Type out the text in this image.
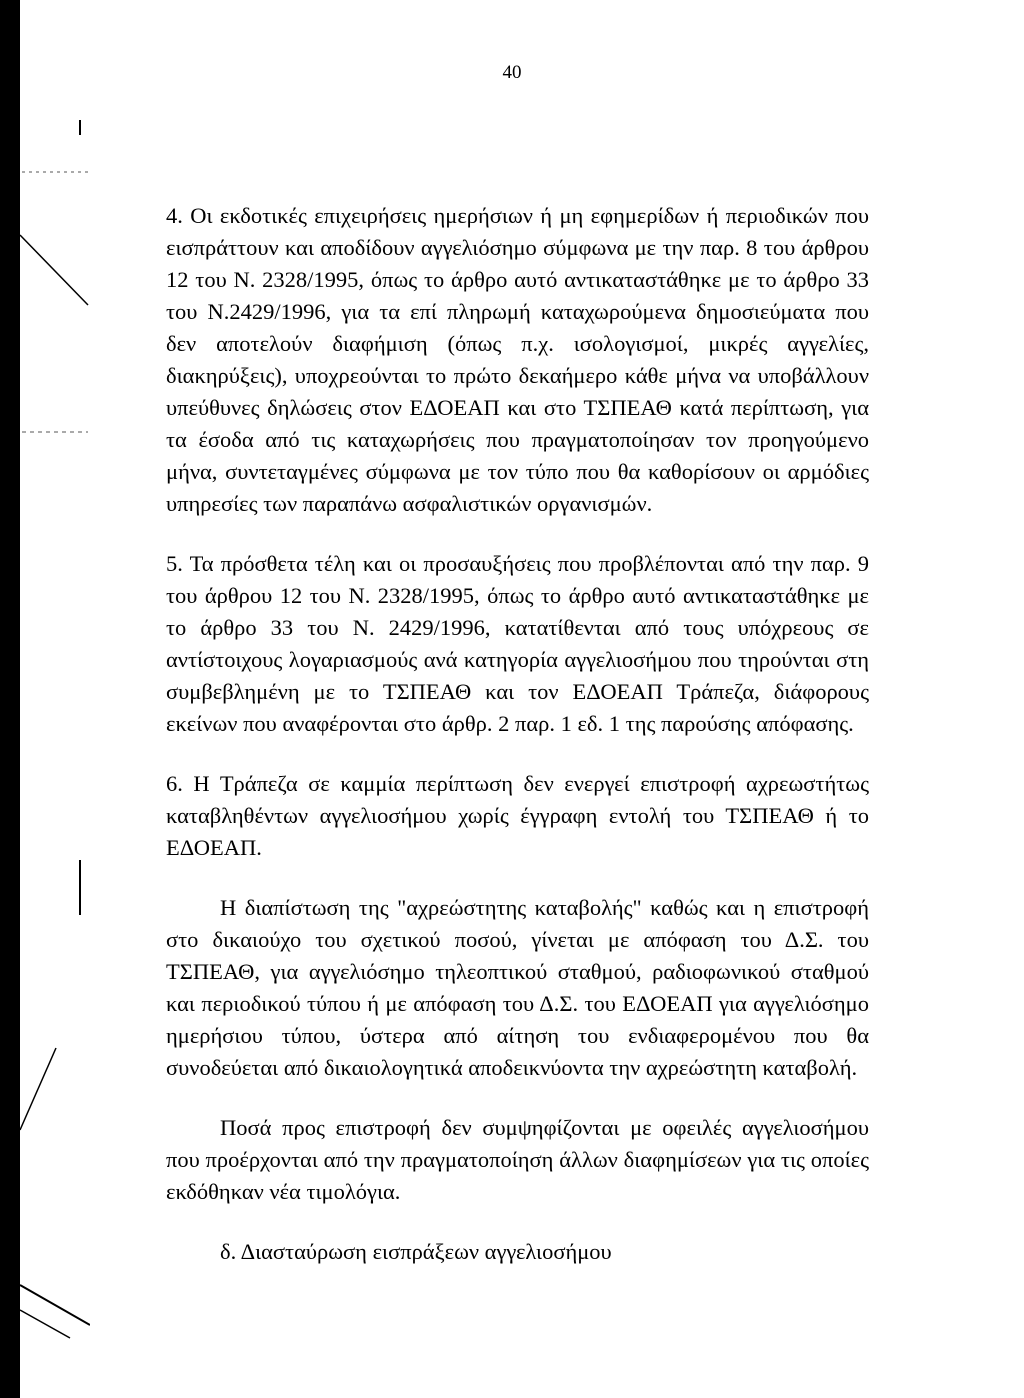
40

4. Οι εκδοτικές επιχειρήσεις ημερήσιων ή μη εφημερίδων ή περιοδικών που εισπράττουν και αποδίδουν αγγελιόσημο σύμφωνα με την παρ. 8 του άρθρου 12 του Ν. 2328/1995, όπως το άρθρο αυτό αντικαταστάθηκε με το άρθρο 33 του Ν.2429/1996, για τα επί πληρωμή καταχωρούμενα δημοσιεύματα που δεν αποτελούν διαφήμιση (όπως π.χ. ισολογισμοί, μικρές αγγελίες, διακηρύξεις), υποχρεούνται το πρώτο δεκαήμερο κάθε μήνα να υποβάλλουν υπεύθυνες δηλώσεις στον ΕΔΟΕΑΠ και στο ΤΣΠΕΑΘ κατά περίπτωση, για τα έσοδα από τις καταχωρήσεις που πραγματοποίησαν τον προηγούμενο μήνα, συντεταγμένες σύμφωνα με τον τύπο που θα καθορίσουν οι αρμόδιες υπηρεσίες των παραπάνω ασφαλιστικών οργανισμών.

5. Τα πρόσθετα τέλη και οι προσαυξήσεις που προβλέπονται από την παρ. 9 του άρθρου 12 του Ν. 2328/1995, όπως το άρθρο αυτό αντικαταστάθηκε με το άρθρο 33 του Ν. 2429/1996, κατατίθενται από τους υπόχρεους σε αντίστοιχους λογαριασμούς ανά κατηγορία αγγελιοσήμου που τηρούνται στη συμβεβλημένη με το ΤΣΠΕΑΘ και τον ΕΔΟΕΑΠ Τράπεζα, διάφορους εκείνων που αναφέρονται στο άρθρ. 2 παρ. 1 εδ. 1 της παρούσης απόφασης.

6. Η Τράπεζα σε καμμία περίπτωση δεν ενεργεί επιστροφή αχρεωστήτως καταβληθέντων αγγελιοσήμου χωρίς έγγραφη εντολή του ΤΣΠΕΑΘ ή το ΕΔΟΕΑΠ.

Η διαπίστωση της "αχρεώστητης καταβολής" καθώς και η επιστροφή στο δικαιούχο του σχετικού ποσού, γίνεται με απόφαση του Δ.Σ. του ΤΣΠΕΑΘ, για αγγελιόσημο τηλεοπτικού σταθμού, ραδιοφωνικού σταθμού και περιοδικού τύπου ή με απόφαση του Δ.Σ. του ΕΔΟΕΑΠ για αγγελιόσημο ημερήσιου τύπου, ύστερα από αίτηση του ενδιαφερομένου που θα συνοδεύεται από δικαιολογητικά αποδεικνύοντα την αχρεώστητη καταβολή.

Ποσά προς επιστροφή δεν συμψηφίζονται με οφειλές αγγελιοσήμου που προέρχονται από την πραγματοποίηση άλλων διαφημίσεων για τις οποίες εκδόθηκαν νέα τιμολόγια.

δ. Διασταύρωση εισπράξεων αγγελιοσήμου
